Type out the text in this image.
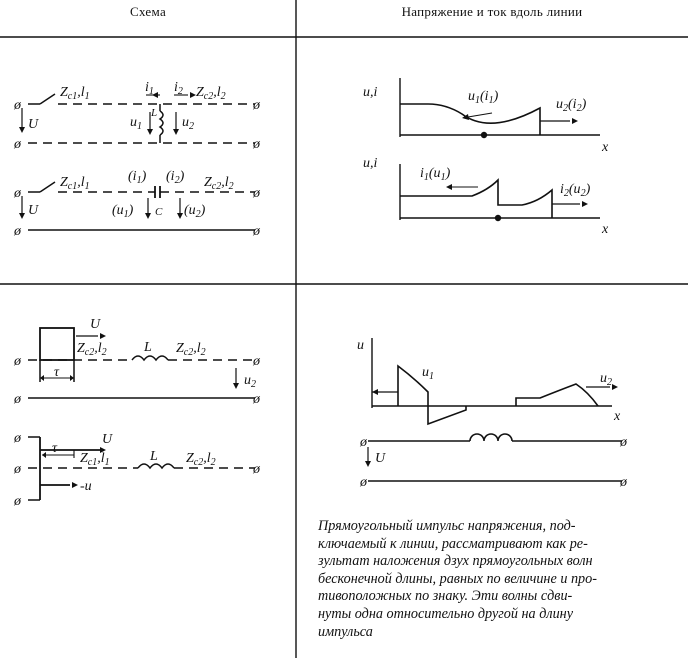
Схема	Напряжение и ток вдоль линии
ø
ø
ø
ø
U
$Z_{c1},l_1$
$i_1$ $i_2$ $Z_{c2},l_2$
$u_1$
L
$u_2$
ø
ø
ø
ø
U
$Z_{c1},l_1$
$(i_1)$ $(i_2)$ $Z_{c2},l_2$
$(u_1)$ C $(u_2)$
u,i
x
$u_1(i_1)$
$u_2(i_2)$
u,i
x
$i_1(u_1)$
$i_2(u_2)$
ø
ø
ø
ø
U
τ
$Z_{c2},l_2$	L $Z_{c2},l_2$
$u_2$
ø
ø
ø
ø
τ
U
$Z_{c1},l_1$	L $Z_{c2},l_2$
-u
u
x
$u_1$	$u_2$
U
ø
ø
ø
ø
Прямоугольный импульс напряжения, под-
ключаемый к линии, рассматривают как ре-
зультат наложения дзух прямоугольных волн
бесконечной длины, равных по величине и про-
тивоположных по знаку. Эти волны сдви-
нуты одна относительно другой на длину
импульса
